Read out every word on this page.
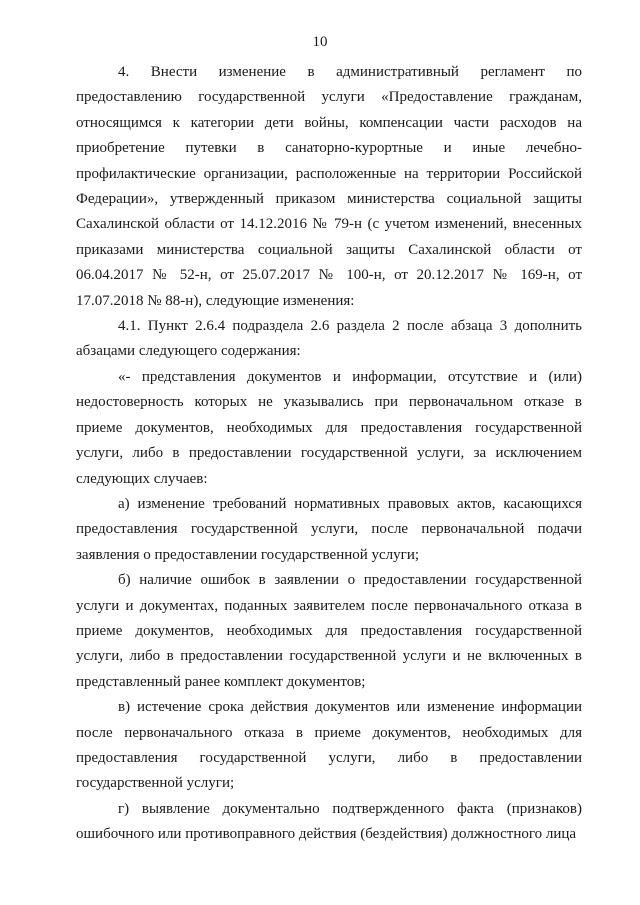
10

4. Внести изменение в административный регламент по предоставлению государственной услуги «Предоставление гражданам, относящимся к категории дети войны, компенсации части расходов на приобретение путевки в санаторно-курортные и иные лечебно-профилактические организации, расположенные на территории Российской Федерации», утвержденный приказом министерства социальной защиты Сахалинской области от 14.12.2016 № 79-н (с учетом изменений, внесенных приказами министерства социальной защиты Сахалинской области от 06.04.2017 № 52-н, от 25.07.2017 № 100-н, от 20.12.2017 № 169-н, от 17.07.2018 № 88-н), следующие изменения:

4.1. Пункт 2.6.4 подраздела 2.6 раздела 2 после абзаца 3 дополнить абзацами следующего содержания:

«- представления документов и информации, отсутствие и (или) недостоверность которых не указывались при первоначальном отказе в приеме документов, необходимых для предоставления государственной услуги, либо в предоставлении государственной услуги, за исключением следующих случаев:

а) изменение требований нормативных правовых актов, касающихся предоставления государственной услуги, после первоначальной подачи заявления о предоставлении государственной услуги;

б) наличие ошибок в заявлении о предоставлении государственной услуги и документах, поданных заявителем после первоначального отказа в приеме документов, необходимых для предоставления государственной услуги, либо в предоставлении государственной услуги и не включенных в представленный ранее комплект документов;

в) истечение срока действия документов или изменение информации после первоначального отказа в приеме документов, необходимых для предоставления государственной услуги, либо в предоставлении государственной услуги;

г) выявление документально подтвержденного факта (признаков) ошибочного или противоправного действия (бездействия) должностного лица
